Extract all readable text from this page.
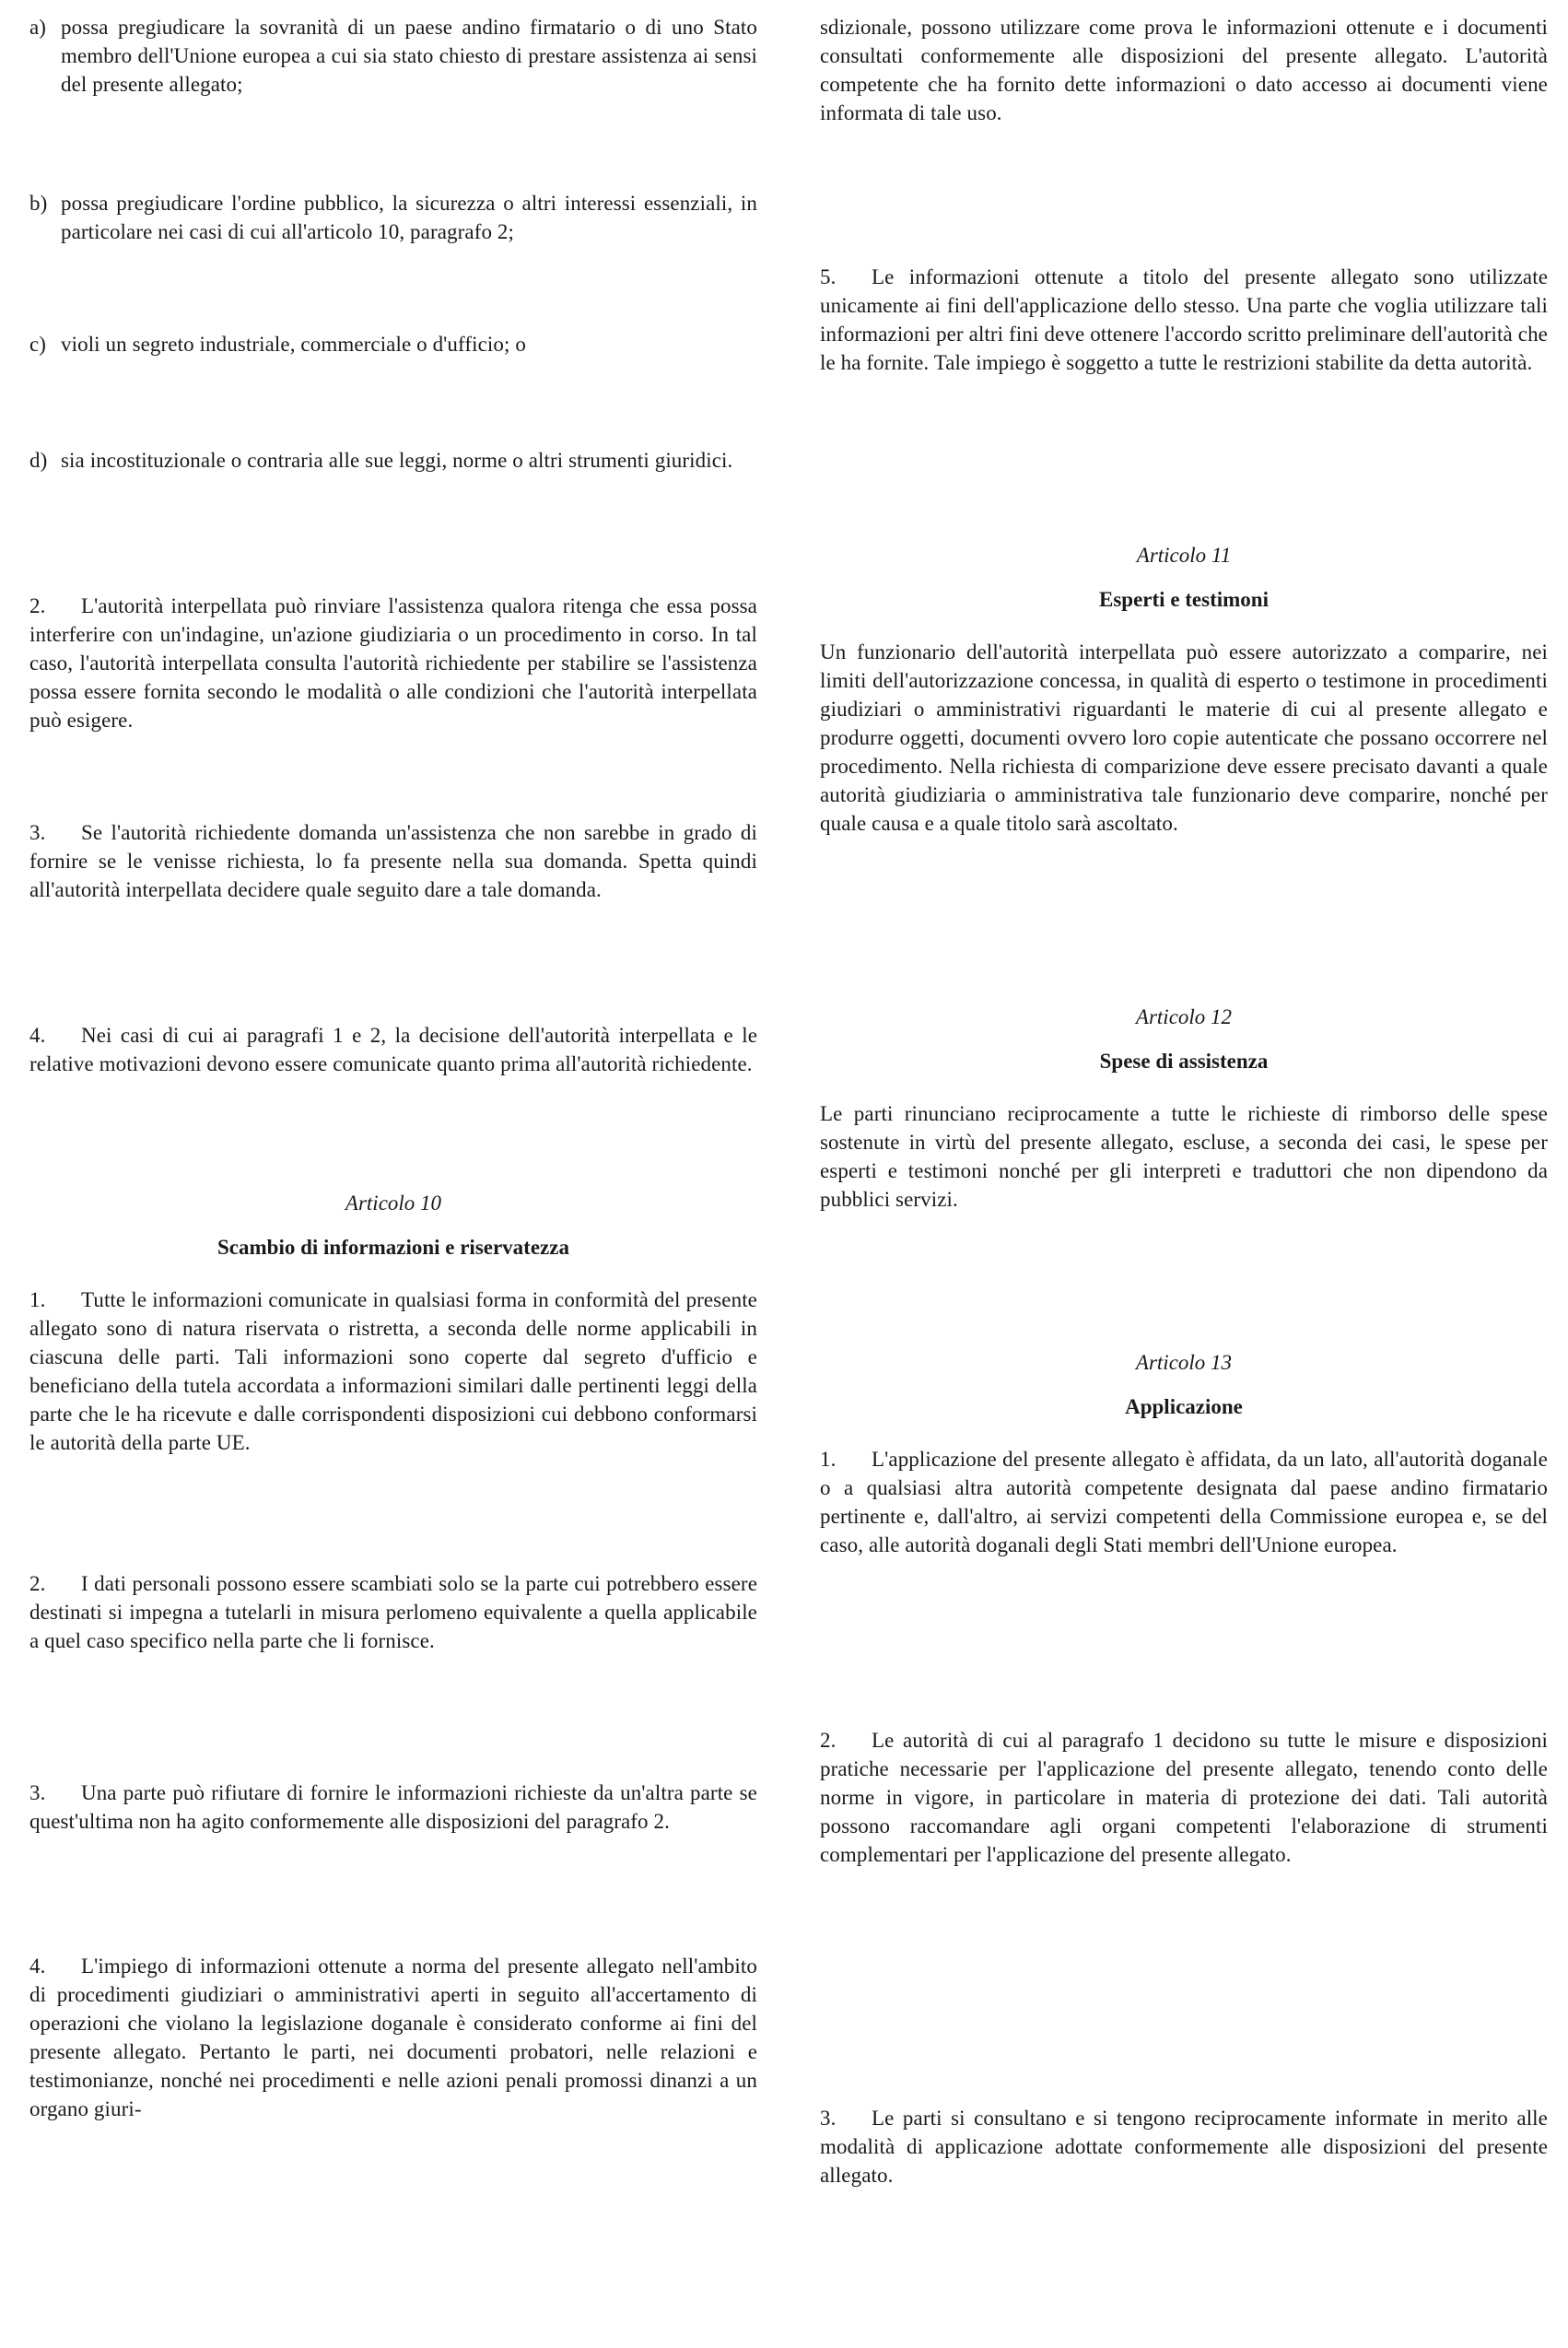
a) possa pregiudicare la sovranità di un paese andino firmatario o di uno Stato membro dell'Unione europea a cui sia stato chiesto di prestare assistenza ai sensi del presente allegato;
b) possa pregiudicare l'ordine pubblico, la sicurezza o altri interessi essenziali, in particolare nei casi di cui all'articolo 10, paragrafo 2;
c) violi un segreto industriale, commerciale o d'ufficio; o
d) sia incostituzionale o contraria alle sue leggi, norme o altri strumenti giuridici.

2. L'autorità interpellata può rinviare l'assistenza qualora ritenga che essa possa interferire con un'indagine, un'azione giudiziaria o un procedimento in corso. In tal caso, l'autorità interpellata consulta l'autorità richiedente per stabilire se l'assistenza possa essere fornita secondo le modalità o alle condizioni che l'autorità interpellata può esigere.

3. Se l'autorità richiedente domanda un'assistenza che non sarebbe in grado di fornire se le venisse richiesta, lo fa presente nella sua domanda. Spetta quindi all'autorità interpellata decidere quale seguito dare a tale domanda.

4. Nei casi di cui ai paragrafi 1 e 2, la decisione dell'autorità interpellata e le relative motivazioni devono essere comunicate quanto prima all'autorità richiedente.

Articolo 10
Scambio di informazioni e riservatezza

1. Tutte le informazioni comunicate in qualsiasi forma in conformità del presente allegato sono di natura riservata o ristretta, a seconda delle norme applicabili in ciascuna delle parti. Tali informazioni sono coperte dal segreto d'ufficio e beneficiano della tutela accordata a informazioni similari dalle pertinenti leggi della parte che le ha ricevute e dalle corrispondenti disposizioni cui debbono conformarsi le autorità della parte UE.

2. I dati personali possono essere scambiati solo se la parte cui potrebbero essere destinati si impegna a tutelarli in misura perlomeno equivalente a quella applicabile a quel caso specifico nella parte che li fornisce.

3. Una parte può rifiutare di fornire le informazioni richieste da un'altra parte se quest'ultima non ha agito conformemente alle disposizioni del paragrafo 2.

4. L'impiego di informazioni ottenute a norma del presente allegato nell'ambito di procedimenti giudiziari o amministrativi aperti in seguito all'accertamento di operazioni che violano la legislazione doganale è considerato conforme ai fini del presente allegato. Pertanto le parti, nei documenti probatori, nelle relazioni e testimonianze, nonché nei procedimenti e nelle azioni penali promossi dinanzi a un organo giuri-

sdizionale, possono utilizzare come prova le informazioni ottenute e i documenti consultati conformemente alle disposizioni del presente allegato. L'autorità competente che ha fornito dette informazioni o dato accesso ai documenti viene informata di tale uso.

5. Le informazioni ottenute a titolo del presente allegato sono utilizzate unicamente ai fini dell'applicazione dello stesso. Una parte che voglia utilizzare tali informazioni per altri fini deve ottenere l'accordo scritto preliminare dell'autorità che le ha fornite. Tale impiego è soggetto a tutte le restrizioni stabilite da detta autorità.

Articolo 11
Esperti e testimoni

Un funzionario dell'autorità interpellata può essere autorizzato a comparire, nei limiti dell'autorizzazione concessa, in qualità di esperto o testimone in procedimenti giudiziari o amministrativi riguardanti le materie di cui al presente allegato e produrre oggetti, documenti ovvero loro copie autenticate che possano occorrere nel procedimento. Nella richiesta di comparizione deve essere precisato davanti a quale autorità giudiziaria o amministrativa tale funzionario deve comparire, nonché per quale causa e a quale titolo sarà ascoltato.

Articolo 12
Spese di assistenza

Le parti rinunciano reciprocamente a tutte le richieste di rimborso delle spese sostenute in virtù del presente allegato, escluse, a seconda dei casi, le spese per esperti e testimoni nonché per gli interpreti e traduttori che non dipendono da pubblici servizi.

Articolo 13
Applicazione

1. L'applicazione del presente allegato è affidata, da un lato, all'autorità doganale o a qualsiasi altra autorità competente designata dal paese andino firmatario pertinente e, dall'altro, ai servizi competenti della Commissione europea e, se del caso, alle autorità doganali degli Stati membri dell'Unione europea.

2. Le autorità di cui al paragrafo 1 decidono su tutte le misure e disposizioni pratiche necessarie per l'applicazione del presente allegato, tenendo conto delle norme in vigore, in particolare in materia di protezione dei dati. Tali autorità possono raccomandare agli organi competenti l'elaborazione di strumenti complementari per l'applicazione del presente allegato.

3. Le parti si consultano e si tengono reciprocamente informate in merito alle modalità di applicazione adottate conformemente alle disposizioni del presente allegato.
